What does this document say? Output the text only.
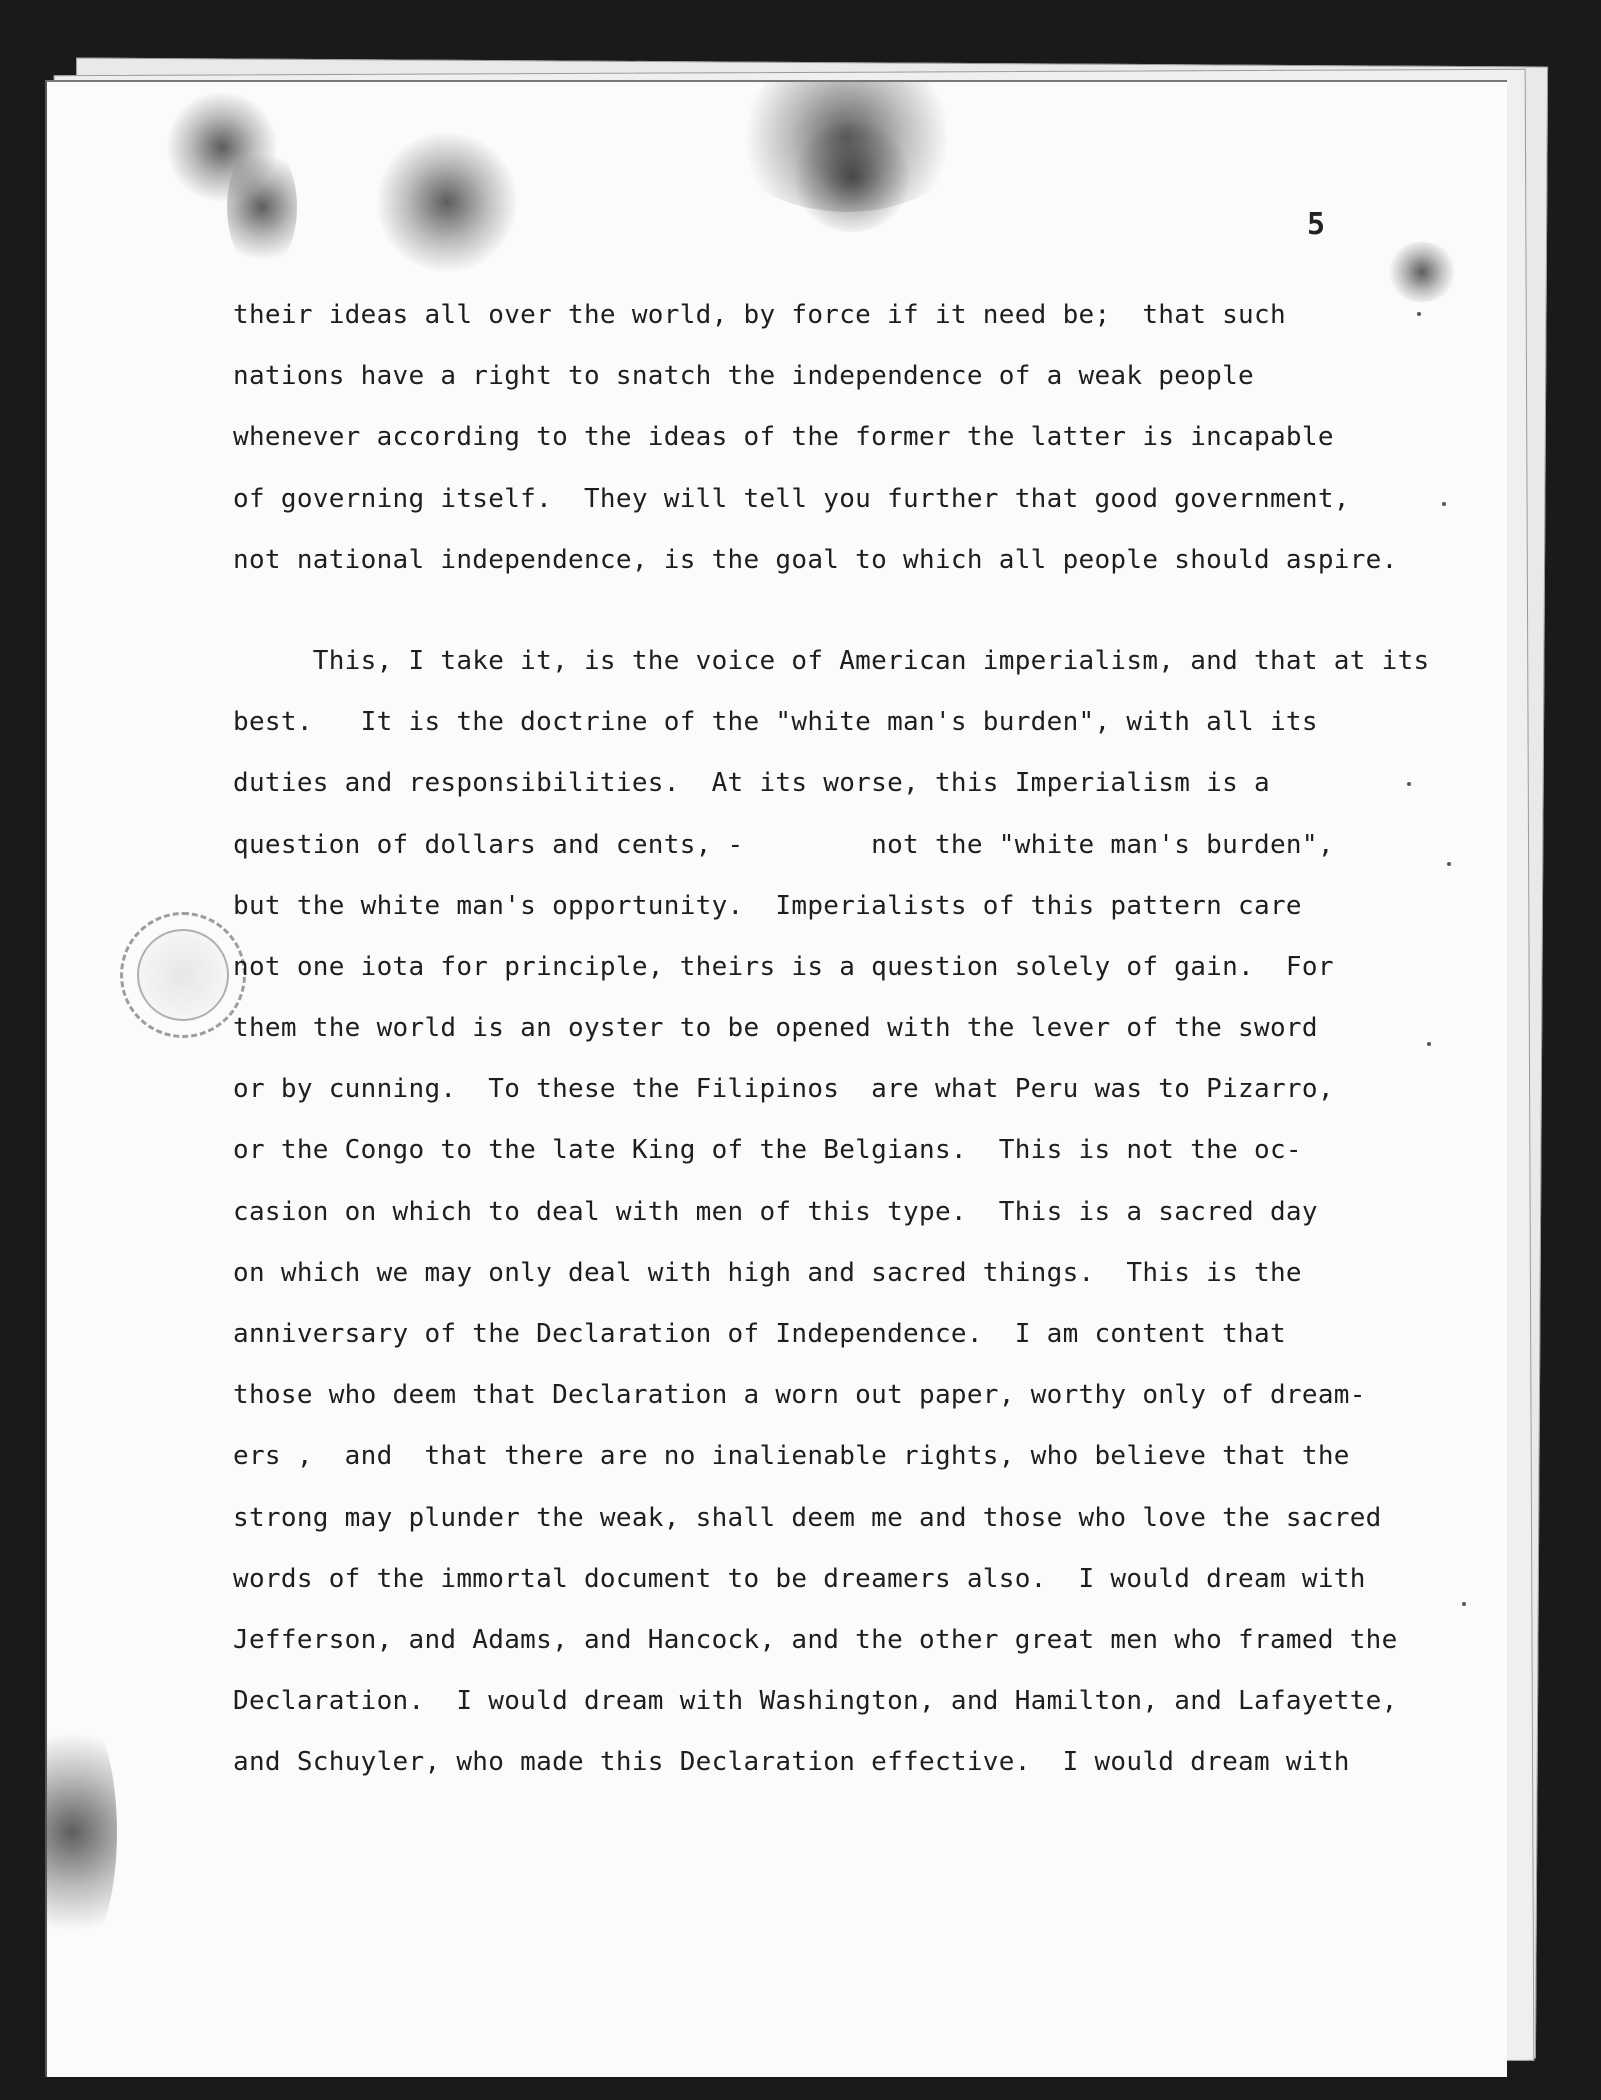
5
their ideas all over the world, by force if it need be;  that such
nations have a right to snatch the independence of a weak people
whenever according to the ideas of the former the latter is incapable
of governing itself.  They will tell you further that good government,
not national independence, is the goal to which all people should aspire.
This, I take it, is the voice of American imperialism, and that at its
best.   It is the doctrine of the "white man's burden", with all its
duties and responsibilities.  At its worse, this Imperialism is a
question of dollars and cents, -        not the "white man's burden",
but the white man's opportunity.  Imperialists of this pattern care
not one iota for principle, theirs is a question solely of gain.  For
them the world is an oyster to be opened with the lever of the sword
or by cunning.  To these the Filipinos  are what Peru was to Pizarro,
or the Congo to the late King of the Belgians.  This is not the oc-
casion on which to deal with men of this type.  This is a sacred day
on which we may only deal with high and sacred things.  This is the
anniversary of the Declaration of Independence.  I am content that
those who deem that Declaration a worn out paper, worthy only of dream-
ers ,  and  that there are no inalienable rights, who believe that the
strong may plunder the weak, shall deem me and those who love the sacred
words of the immortal document to be dreamers also.  I would dream with
Jefferson, and Adams, and Hancock, and the other great men who framed the
Declaration.  I would dream with Washington, and Hamilton, and Lafayette,
and Schuyler, who made this Declaration effective.  I would dream with
